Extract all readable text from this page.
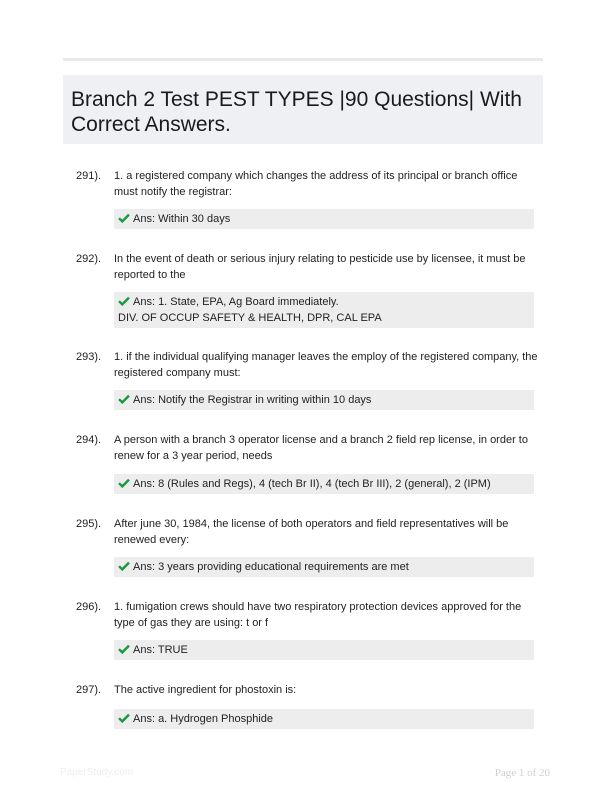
Branch 2 Test PEST TYPES |90 Questions| With Correct Answers.
291). 1. a registered company which changes the address of its principal or branch office must notify the registrar:
Ans: Within 30 days
292). In the event of death or serious injury relating to pesticide use by licensee, it must be reported to the
Ans: 1. State, EPA, Ag Board immediately.
DIV. OF OCCUP SAFETY & HEALTH, DPR, CAL EPA
293). 1. if the individual qualifying manager leaves the employ of the registered company, the registered company must:
Ans: Notify the Registrar in writing within 10 days
294). A person with a branch 3 operator license and a branch 2 field rep license, in order to renew for a 3 year period, needs
Ans: 8 (Rules and Regs), 4 (tech Br II), 4 (tech Br III), 2 (general), 2 (IPM)
295). After june 30, 1984, the license of both operators and field representatives will be renewed every:
Ans: 3 years providing educational requirements are met
296). 1. fumigation crews should have two respiratory protection devices approved for the type of gas they are using: t or f
Ans: TRUE
297). The active ingredient for phostoxin is:
Ans: a. Hydrogen Phosphide
PaperStudy.com	Page 1 of 20
